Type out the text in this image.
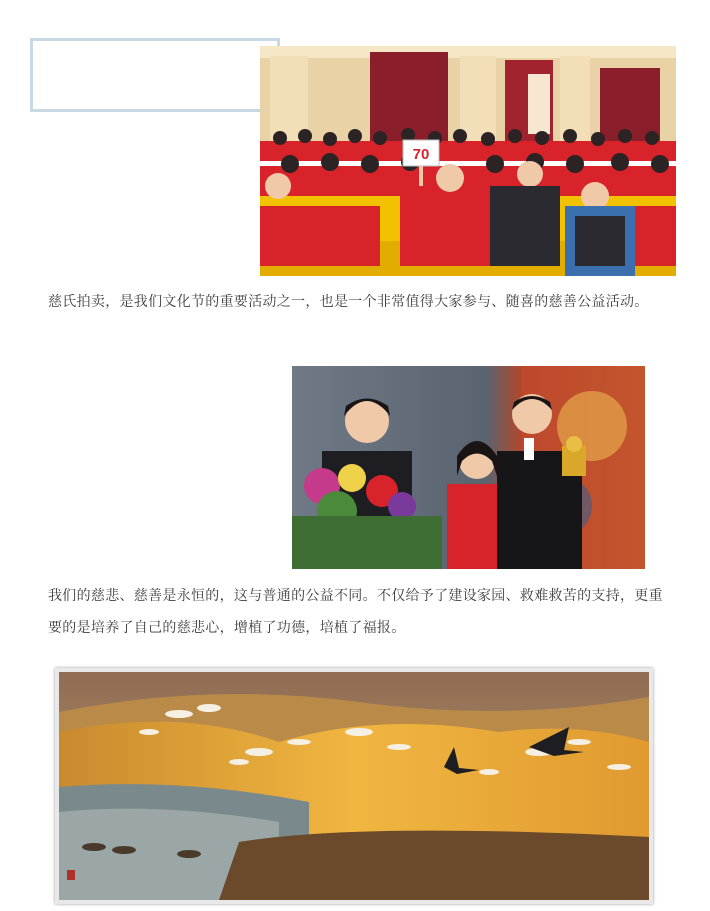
70
慈氏拍卖，是我们文化节的重要活动之一，也是一个非常值得大家参与、随喜的慈善公益活动。
我们的慈悲、慈善是永恒的，这与普通的公益不同。不仅给予了建设家园、救难救苦的支持，更重要的是培养了自己的慈悲心，增植了功德，培植了福报。
